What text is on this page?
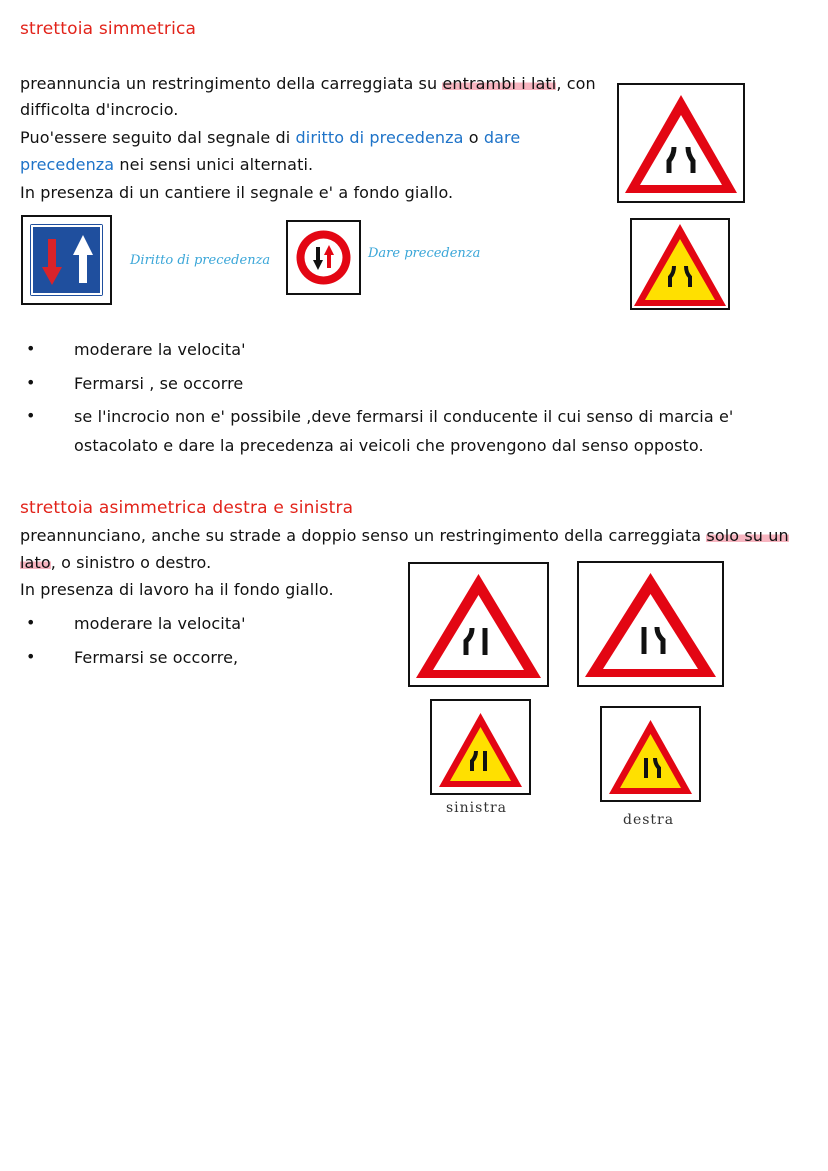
strettoia simmetrica
preannuncia un restringimento della carreggiata su entrambi i lati, con
difficolta d'incrocio.
Puo'essere seguito dal segnale di diritto di precedenza o dare
precedenza nei sensi unici alternati.
In presenza di un cantiere il segnale e' a fondo giallo.
Diritto di precedenza	Dare precedenza
• moderare la velocita'
• Fermarsi , se occorre
• se l'incrocio non e' possibile ,deve fermarsi il conducente il cui senso di marcia e'
ostacolato e dare la precedenza ai veicoli che provengono dal senso opposto.
strettoia asimmetrica destra e sinistra
preannunciano, anche su strade a doppio senso un restringimento della carreggiata solo su un
lato, o sinistro o destro.
In presenza di lavoro ha il fondo giallo.
• moderare la velocita'
• Fermarsi se occorre,
sinistra
destra
